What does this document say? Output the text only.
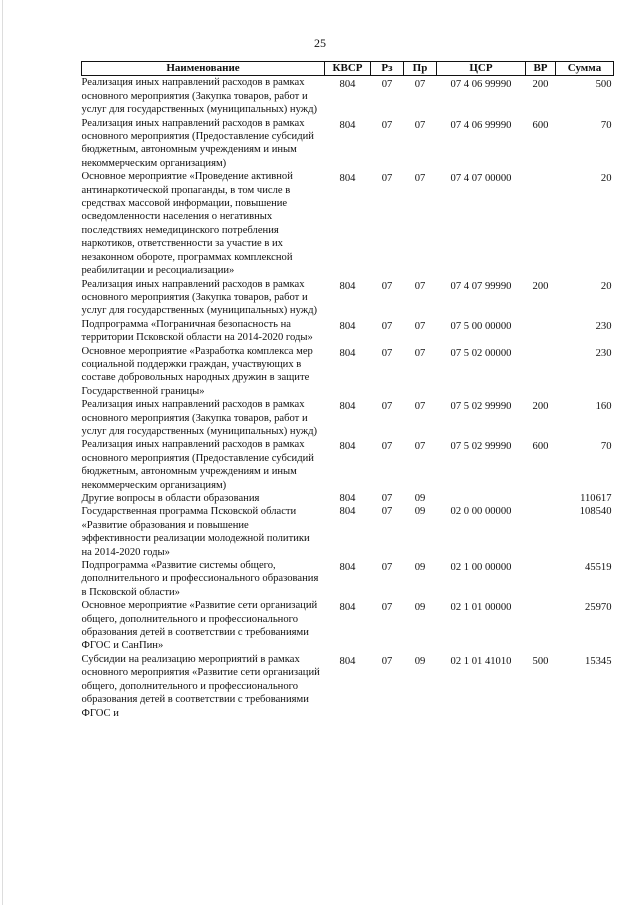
25
Наименование	КВСР	Рз	Пр	ЦСР	ВР	Сумма
Реализация иных направлений расходов в рамках основного мероприятия (Закупка товаров, работ и услуг для государственных (муниципальных) нужд)	804	07	07	07 4 06 99990	200	500
Реализация иных направлений расходов в рамках основного мероприятия (Предоставление субсидий бюджетным, автономным учреждениям и иным некоммерческим организациям)	804	07	07	07 4 06 99990	600	70
Основное мероприятие «Проведение активной антинаркотической пропаганды, в том числе в средствах массовой информации, повышение осведомленности населения о негативных последствиях немедицинского потребления наркотиков, ответственности за участие в их незаконном обороте, программах комплексной реабилитации и ресоциализации»	804	07	07	07 4 07 00000		20
Реализация иных направлений расходов в рамках основного мероприятия (Закупка товаров, работ и услуг для государственных (муниципальных) нужд)	804	07	07	07 4 07 99990	200	20
Подпрограмма «Пограничная безопасность на территории Псковской области на 2014-2020 годы»	804	07	07	07 5 00 00000		230
Основное мероприятие «Разработка комплекса мер социальной поддержки граждан, участвующих в составе добровольных народных дружин в защите Государственной границы»	804	07	07	07 5 02 00000		230
Реализация иных направлений расходов в рамках основного мероприятия (Закупка товаров, работ и услуг для государственных (муниципальных) нужд)	804	07	07	07 5 02 99990	200	160
Реализация иных направлений расходов в рамках основного мероприятия (Предоставление субсидий бюджетным, автономным учреждениям и иным некоммерческим организациям)	804	07	07	07 5 02 99990	600	70
Другие вопросы в области образования	804	07	09			110617
Государственная программа Псковской области «Развитие образования и повышение эффективности реализации молодежной политики на 2014-2020 годы»	804	07	09	02 0 00 00000		108540
Подпрограмма «Развитие системы общего, дополнительного и профессионального образования в Псковской области»	804	07	09	02 1 00 00000		45519
Основное мероприятие «Развитие сети организаций общего, дополнительного и профессионального образования детей в соответствии с требованиями ФГОС и СанПин»	804	07	09	02 1 01 00000		25970
Субсидии на реализацию мероприятий в рамках основного мероприятия «Развитие сети организаций общего, дополнительного и профессионального образования детей в соответствии с требованиями ФГОС и	804	07	09	02 1 01 41010	500	15345
